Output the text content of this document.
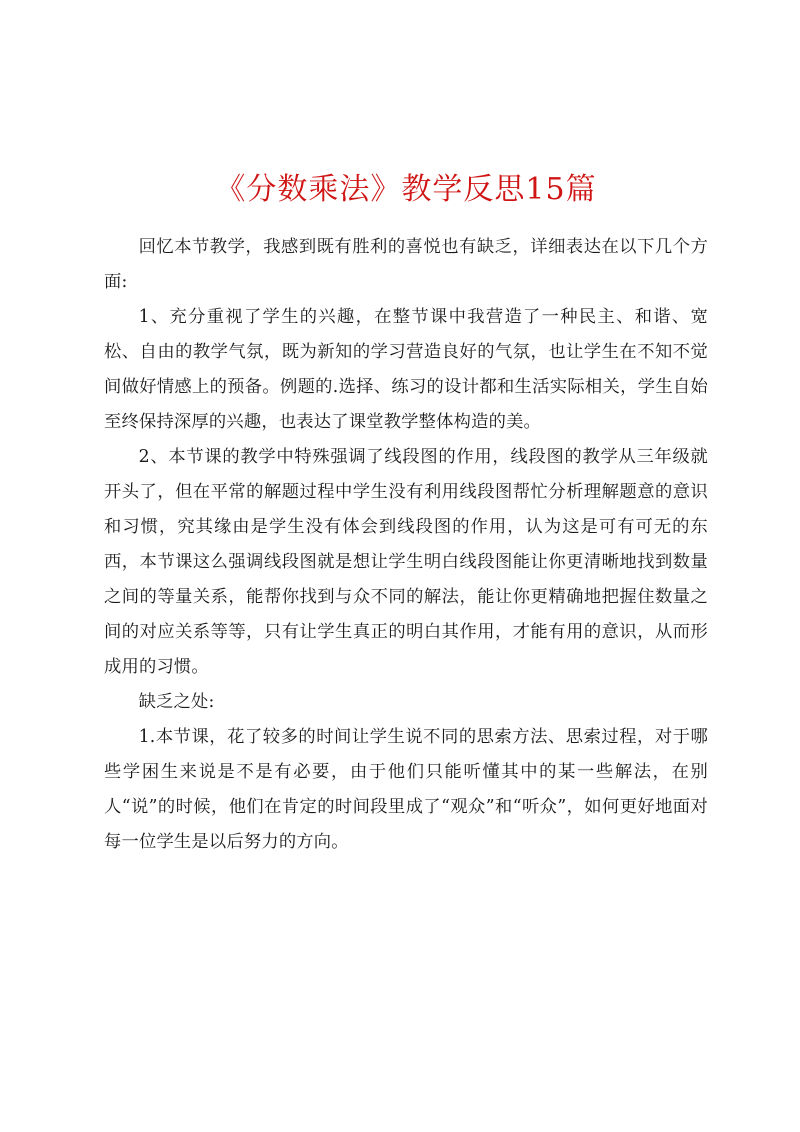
《分数乘法》教学反思15篇

回忆本节教学，我感到既有胜利的喜悦也有缺乏，详细表达在以下几个方面:

1、充分重视了学生的兴趣，在整节课中我营造了一种民主、和谐、宽松、自由的教学气氛，既为新知的学习营造良好的气氛，也让学生在不知不觉间做好情感上的预备。例题的.选择、练习的设计都和生活实际相关，学生自始至终保持深厚的兴趣，也表达了课堂教学整体构造的美。

2、本节课的教学中特殊强调了线段图的作用，线段图的教学从三年级就开头了，但在平常的解题过程中学生没有利用线段图帮忙分析理解题意的意识和习惯，究其缘由是学生没有体会到线段图的作用，认为这是可有可无的东西，本节课这么强调线段图就是想让学生明白线段图能让你更清晰地找到数量之间的等量关系，能帮你找到与众不同的解法，能让你更精确地把握住数量之间的对应关系等等，只有让学生真正的明白其作用，才能有用的意识，从而形成用的习惯。

缺乏之处:

1.本节课，花了较多的时间让学生说不同的思索方法、思索过程，对于哪些学困生来说是不是有必要，由于他们只能听懂其中的某一些解法，在别人“说”的时候，他们在肯定的时间段里成了“观众”和“听众”，如何更好地面对每一位学生是以后努力的方向。
